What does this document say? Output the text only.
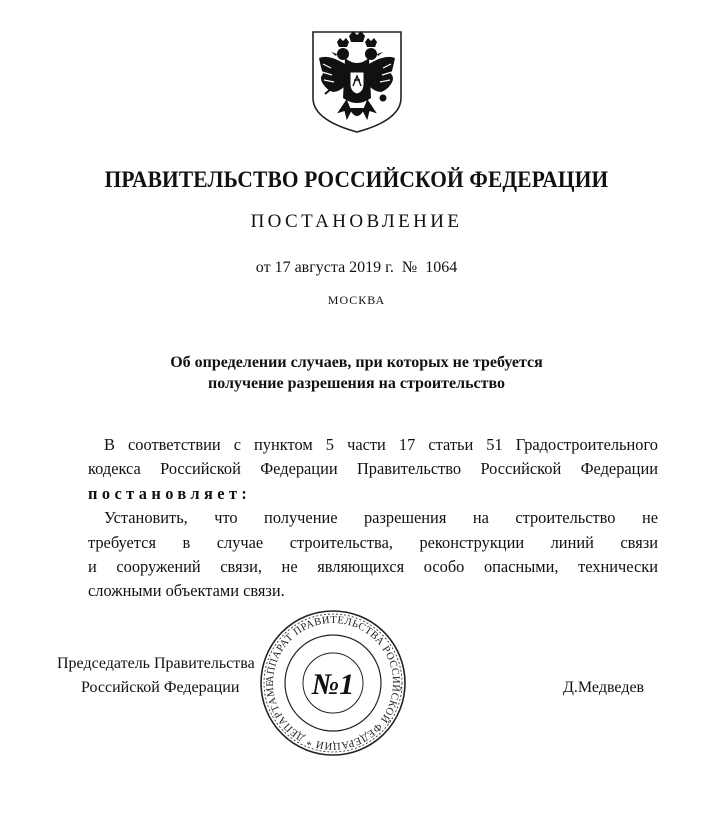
ПРАВИТЕЛЬСТВО РОССИЙСКОЙ ФЕДЕРАЦИИ
ПОСТАНОВЛЕНИЕ
от 17 августа 2019 г.  №  1064
МОСКВА
Об определении случаев, при которых не требуется
получение разрешения на строительство
В соответствии с пунктом 5 части 17 статьи 51 Градостроительного
кодекса Российской Федерации Правительство Российской Федерации
постановляет:
Установить, что получение разрешения на строительство не
требуется в случае строительства, реконструкции линий связи
и сооружений связи, не являющихся особо опасными, технически
сложными объектами связи.
Председатель Правительства
Российской Федерации	Д.Медведев
АППАРАТ ПРАВИТЕЛЬСТВА РОССИЙСКОЙ ФЕДЕРАЦИИ * ДЕПАРТАМЕ	№1
